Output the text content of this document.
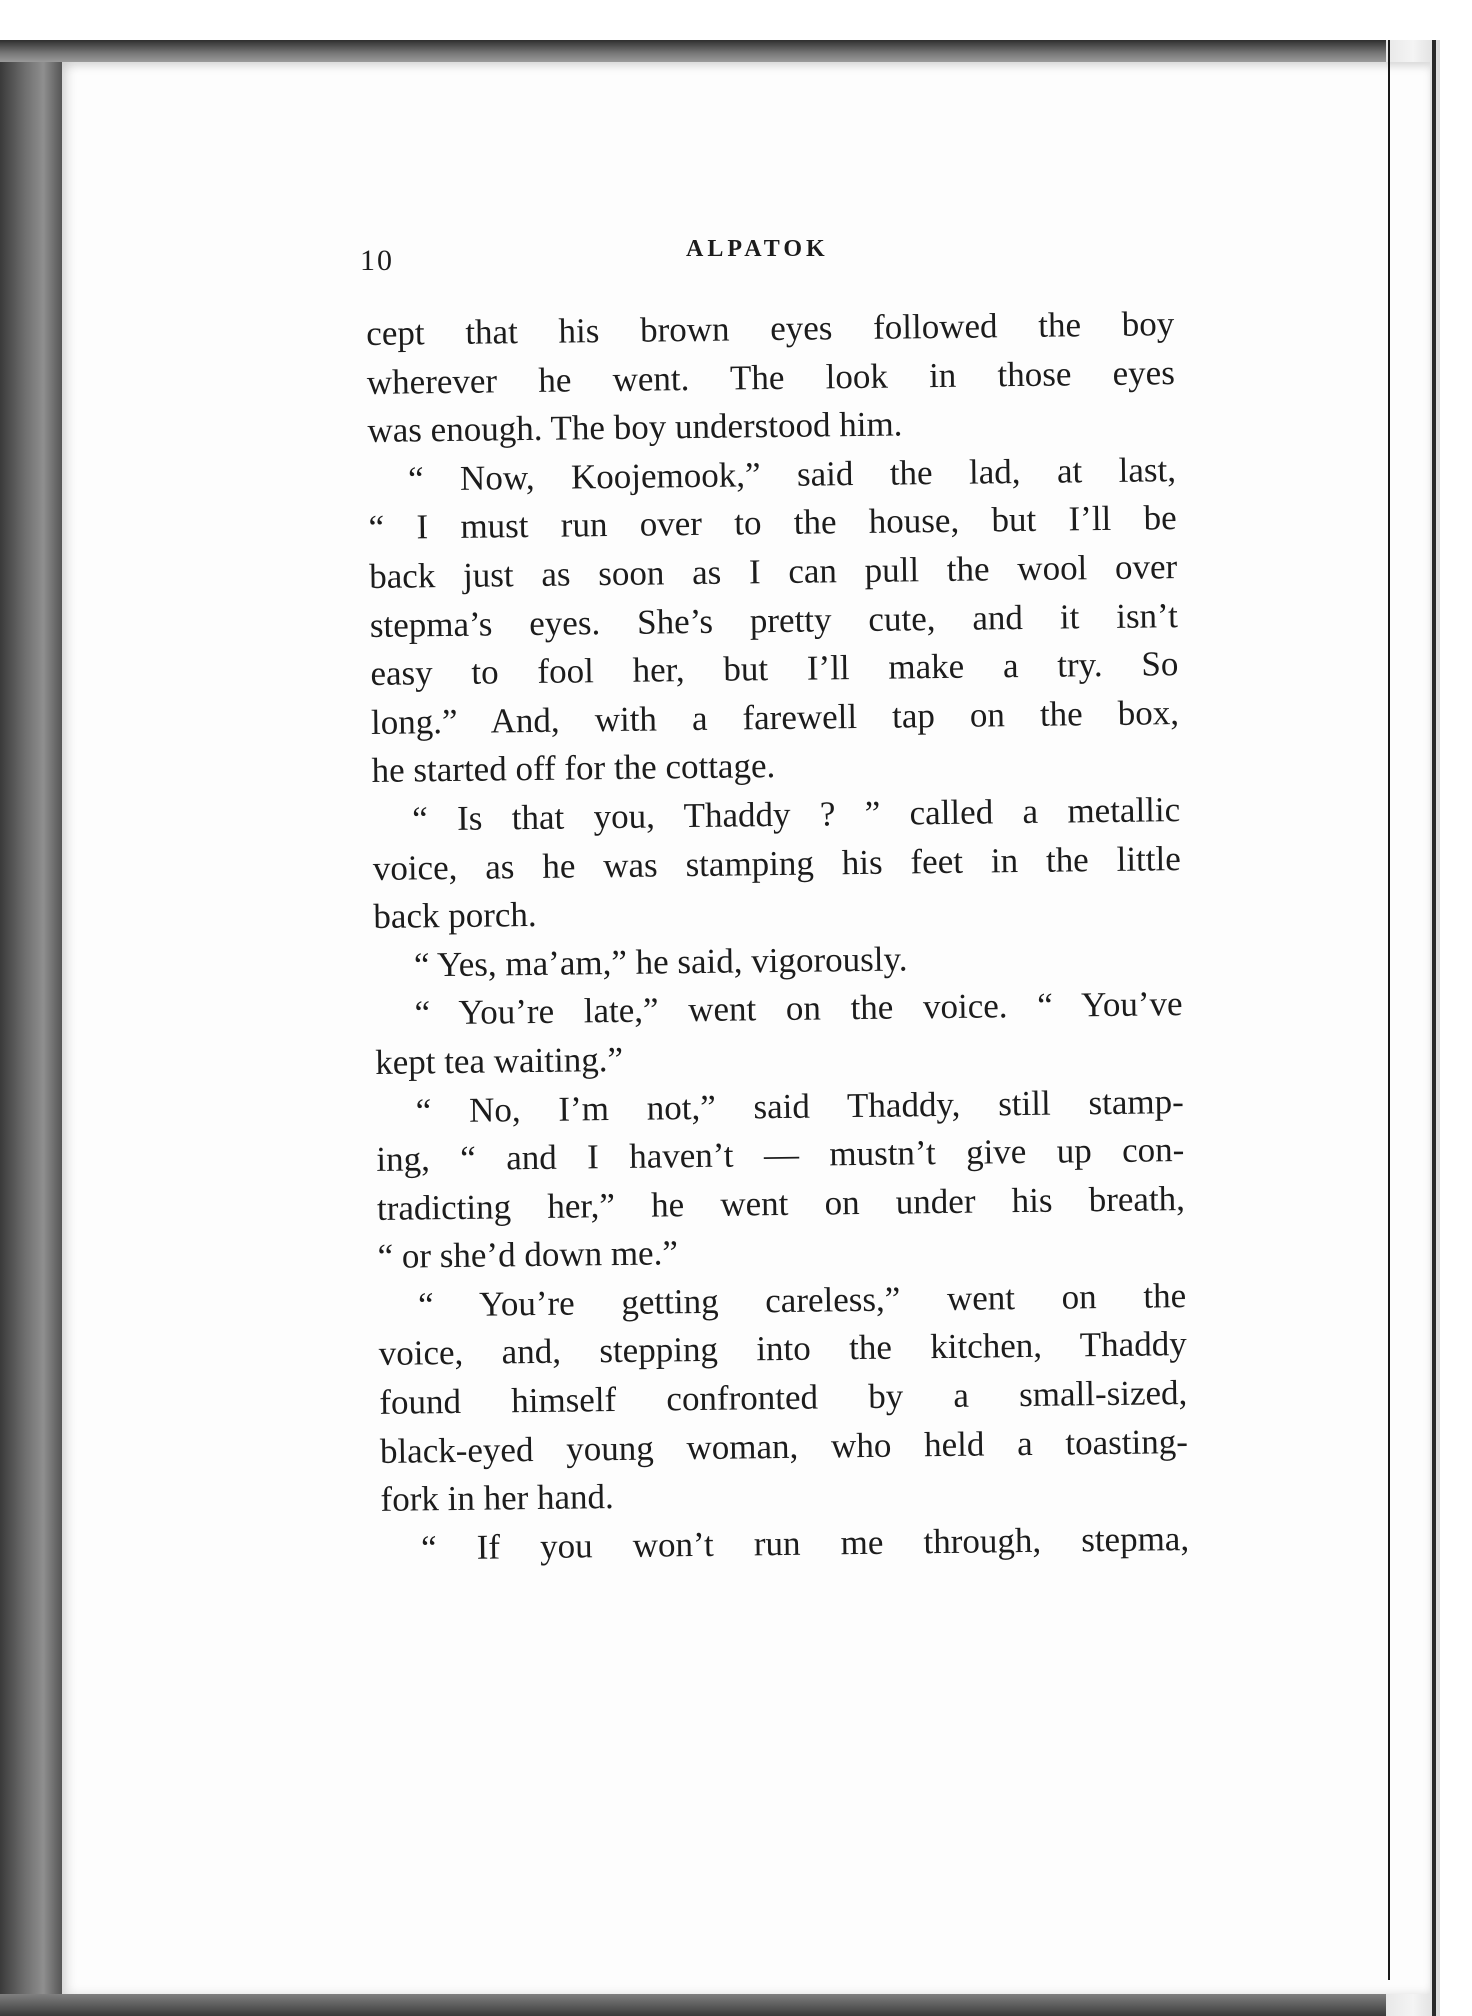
10	ALPATOK
cept that his brown eyes followed the boy
wherever he went. The look in those eyes
was enough. The boy understood him.
“ Now, Koojemook,” said the lad, at last,
“ I must run over to the house, but I’ll be
back just as soon as I can pull the wool over
stepma’s eyes. She’s pretty cute, and it isn’t
easy to fool her, but I’ll make a try. So
long.” And, with a farewell tap on the box,
he started off for the cottage.
“ Is that you, Thaddy ? ” called a metallic
voice, as he was stamping his feet in the little
back porch.
“ Yes, ma’am,” he said, vigorously.
“ You’re late,” went on the voice. “ You’ve
kept tea waiting.”
“ No, I’m not,” said Thaddy, still stamp-
ing, “ and I haven’t — mustn’t give up con-
tradicting her,” he went on under his breath,
“ or she’d down me.”
“ You’re getting careless,” went on the
voice, and, stepping into the kitchen, Thaddy
found himself confronted by a small-sized,
black-eyed young woman, who held a toasting-
fork in her hand.
“ If you won’t run me through, stepma,
